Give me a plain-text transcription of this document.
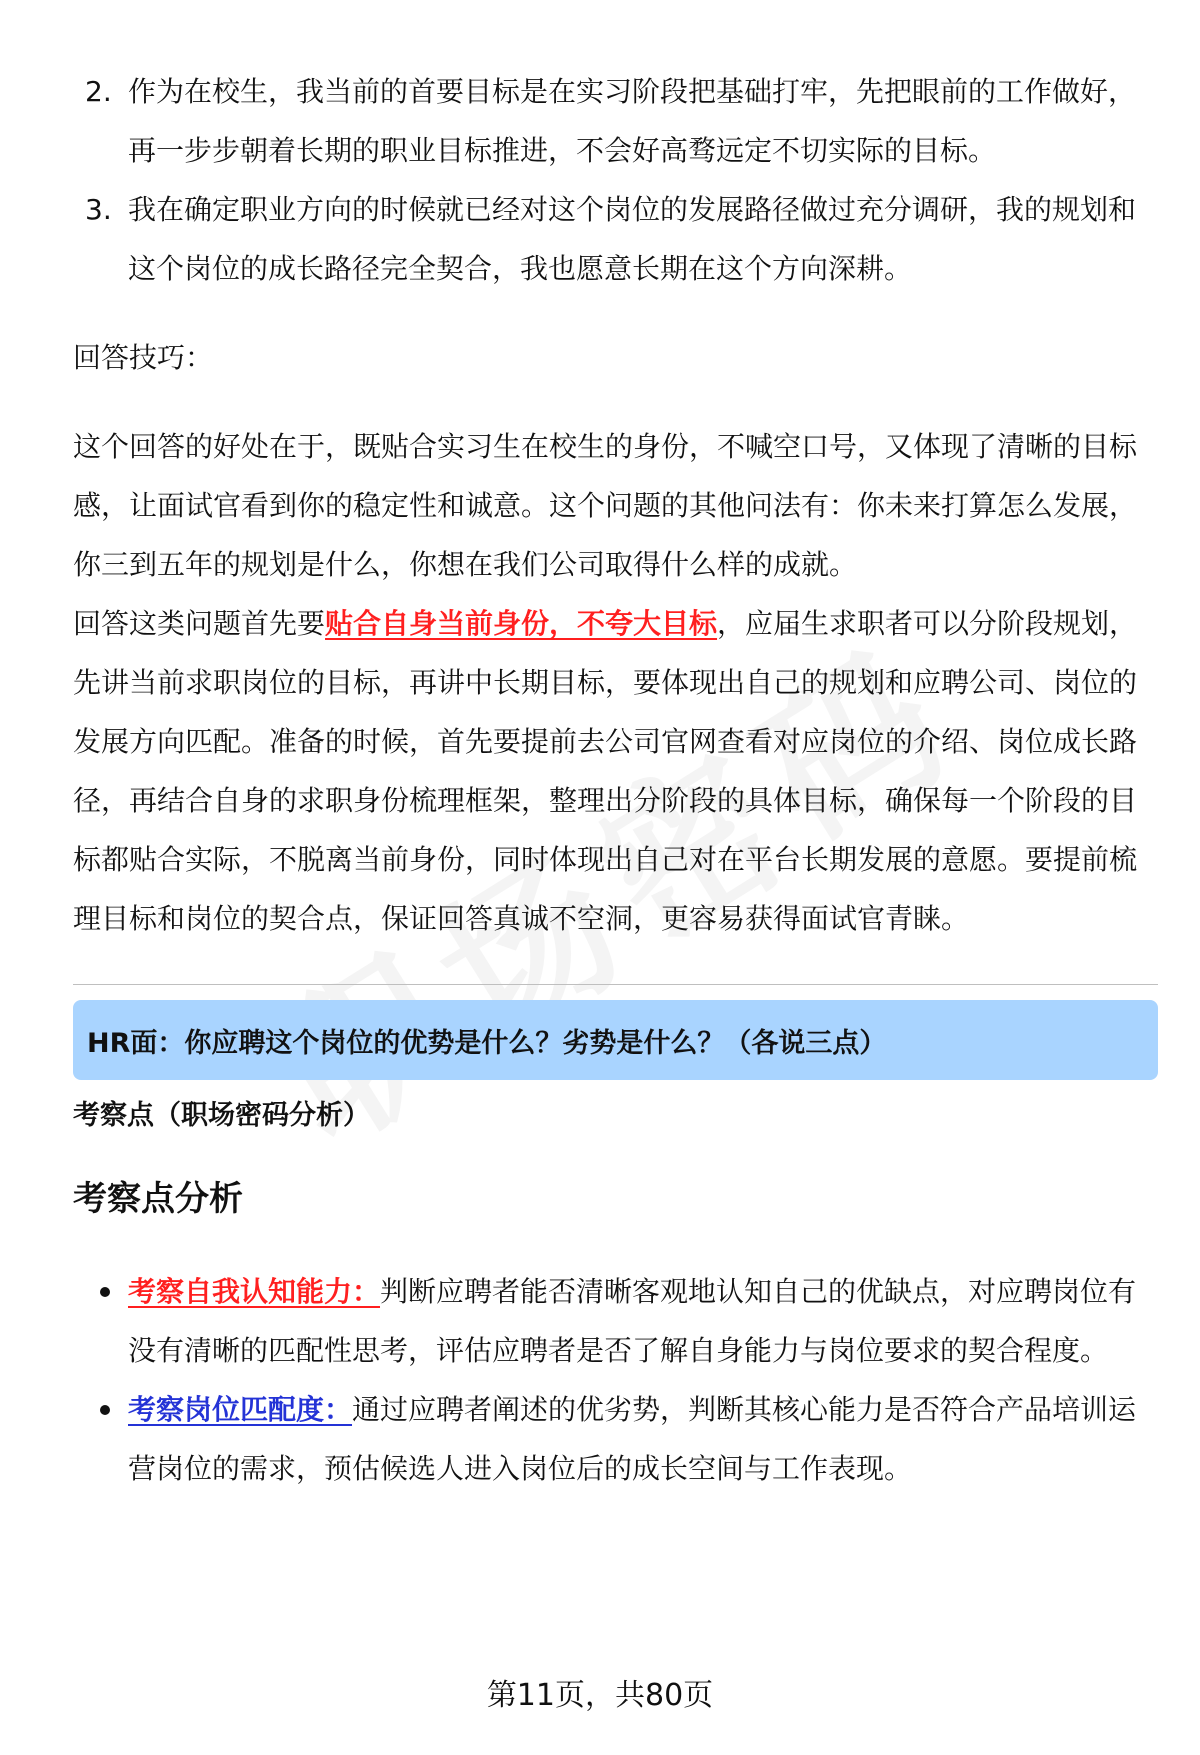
2. 作为在校生，我当前的首要目标是在实习阶段把基础打牢，先把眼前的工作做好，再一步步朝着长期的职业目标推进，不会好高骛远定不切实际的目标。
3. 我在确定职业方向的时候就已经对这个岗位的发展路径做过充分调研，我的规划和这个岗位的成长路径完全契合，我也愿意长期在这个方向深耕。

回答技巧：

这个回答的好处在于，既贴合实习生在校生的身份，不喊空口号，又体现了清晰的目标感，让面试官看到你的稳定性和诚意。这个问题的其他问法有：你未来打算怎么发展，你三到五年的规划是什么，你想在我们公司取得什么样的成就。

回答这类问题首先要贴合自身当前身份，不夸大目标，应届生求职者可以分阶段规划，先讲当前求职岗位的目标，再讲中长期目标，要体现出自己的规划和应聘公司、岗位的发展方向匹配。准备的时候，首先要提前去公司官网查看对应岗位的介绍、岗位成长路径，再结合自身的求职身份梳理框架，整理出分阶段的具体目标，确保每一个阶段的目标都贴合实际，不脱离当前身份，同时体现出自己对在平台长期发展的意愿。要提前梳理目标和岗位的契合点，保证回答真诚不空洞，更容易获得面试官青睐。

HR面：你应聘这个岗位的优势是什么？劣势是什么？（各说三点）
考察点（职场密码分析）
考察点分析
考察自我认知能力：判断应聘者能否清晰客观地认知自己的优缺点，对应聘岗位有没有清晰的匹配性思考，评估应聘者是否了解自身能力与岗位要求的契合程度。
考察岗位匹配度：通过应聘者阐述的优劣势，判断其核心能力是否符合产品培训运营岗位的需求，预估候选人进入岗位后的成长空间与工作表现。
第11页，共80页
